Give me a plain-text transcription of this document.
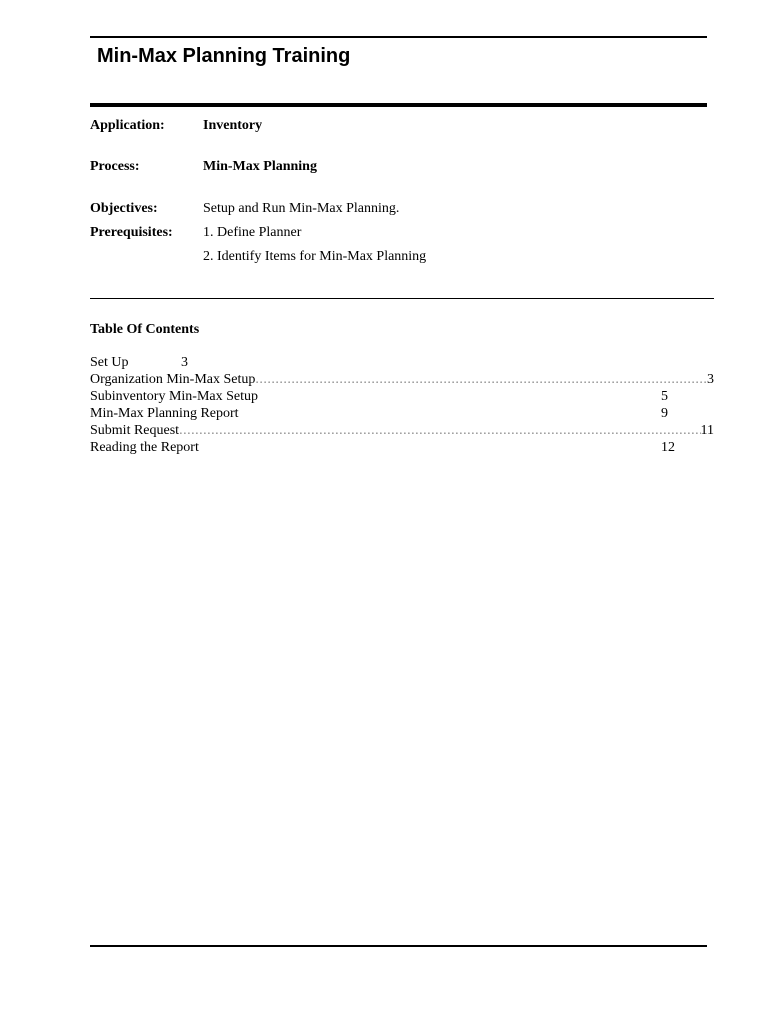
Min-Max Planning Training
Application:	Inventory
Process:	Min-Max Planning
Objectives:	Setup and Run Min-Max Planning.
Prerequisites: 1. Define Planner
2. Identify Items for Min-Max Planning
Table Of Contents
Set Up	3
Organization Min-Max Setup .....	3
Subinventory Min-Max Setup	5
Min-Max Planning Report	9
Submit Request .....	11
Reading the Report	12
